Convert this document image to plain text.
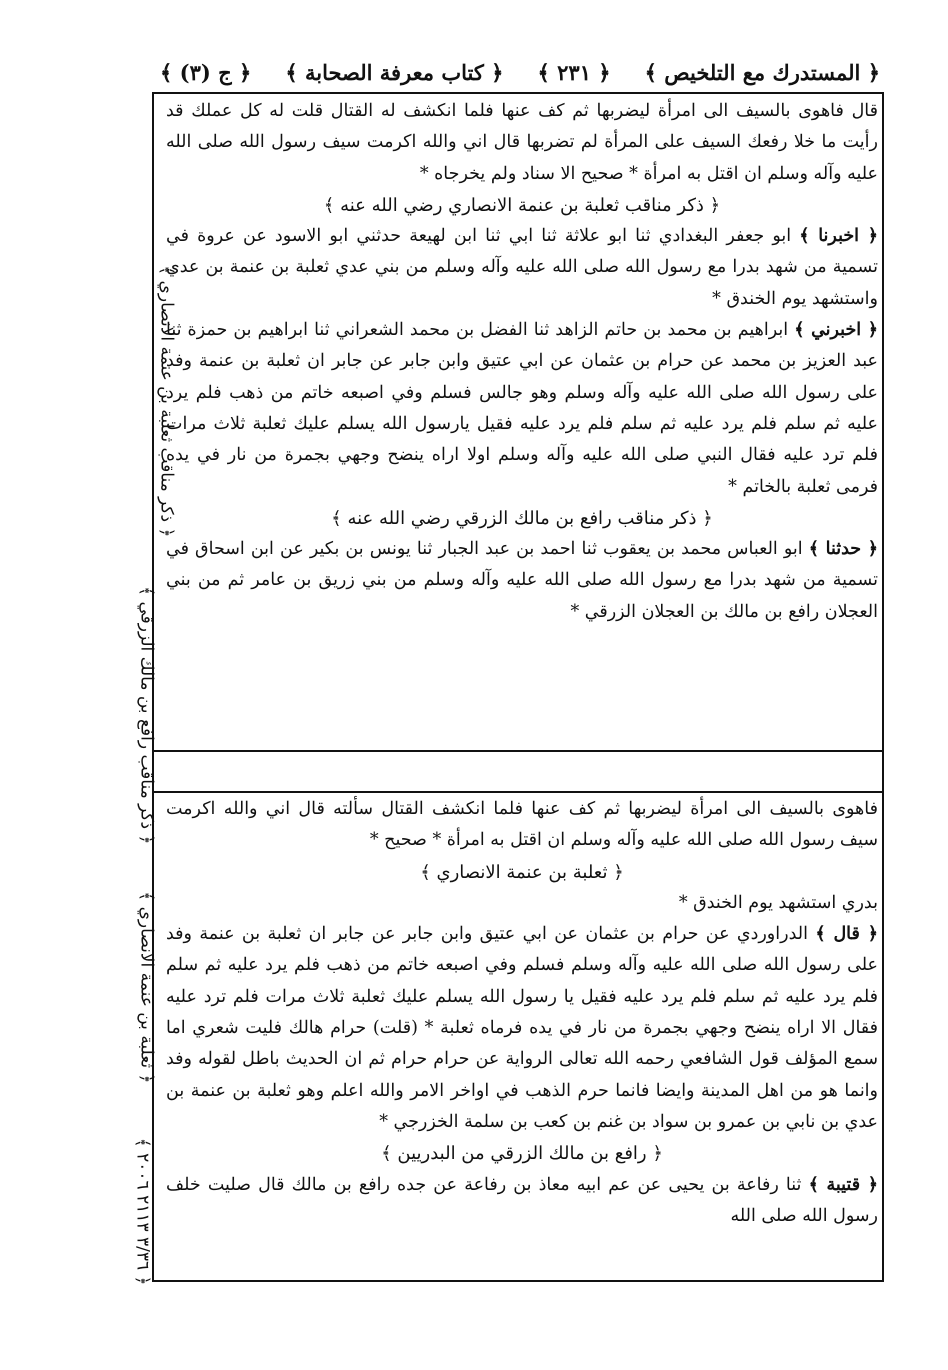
﴿ المستدرك مع التلخيص ﴾
﴿ ٢٣١ ﴾
﴿ كتاب معرفة الصحابة ﴾
﴿ ج (٣) ﴾

قال فاهوى بالسيف الى امرأة ليضربها ثم كف عنها فلما انكشف له القتال قلت له كل عملك قد رأيت ما خلا رفعك السيف على المرأة لم تضربها قال اني والله اكرمت سيف رسول الله صلى الله عليه وآله وسلم ان اقتل به امرأة * صحيح الا سناد ولم يخرجاه *

﴿ ذكر مناقب ثعلبة بن عنمة الانصاري رضي الله عنه ﴾

﴿ اخبرنا ﴾ ابو جعفر البغدادي ثنا ابو علاثة ثنا ابي ثنا ابن لهيعة حدثني ابو الاسود عن عروة في تسمية من شهد بدرا مع رسول الله صلى الله عليه وآله وسلم من بني عدي ثعلبة بن عنمة بن عدي واستشهد يوم الخندق *

﴿ اخبرني ﴾ ابراهيم بن محمد بن حاتم الزاهد ثنا الفضل بن محمد الشعراني ثنا ابراهيم بن حمزة ثنا عبد العزيز بن محمد عن حرام بن عثمان عن ابي عتيق وابن جابر عن جابر ان ثعلبة بن عنمة وفد على رسول الله صلى الله عليه وآله وسلم وهو جالس فسلم وفي اصبعه خاتم من ذهب فلم يرد عليه ثم سلم فلم يرد عليه ثم سلم فلم يرد عليه فقيل يارسول الله يسلم عليك ثعلبة ثلاث مرات فلم ترد عليه فقال النبي صلى الله عليه وآله وسلم اولا اراه ينضح وجهي بجمرة من نار في يده فرمى ثعلبة بالخاتم *

﴿ ذكر مناقب رافع بن مالك الزرقي رضي الله عنه ﴾

﴿ حدثنا ﴾ ابو العباس محمد بن يعقوب ثنا احمد بن عبد الجبار ثنا يونس بن بكير عن ابن اسحاق في تسمية من شهد بدرا مع رسول الله صلى الله عليه وآله وسلم من بني زريق بن عامر ثم من بني العجلان رافع بن مالك بن العجلان الزرقي *

فاهوى بالسيف الى امرأة ليضربها ثم كف عنها فلما انكشف القتال سألته قال اني والله اكرمت سيف رسول الله صلى الله عليه وآله وسلم ان اقتل به امرأة * صحيح *

﴿ ثعلبة بن عنمة الانصاري ﴾

بدري استشهد يوم الخندق *

﴿ قال ﴾ الدراوردي عن حرام بن عثمان عن ابي عتيق وابن جابر عن جابر ان ثعلبة بن عنمة وفد على رسول الله صلى الله عليه وآله وسلم فسلم وفي اصبعه خاتم من ذهب فلم يرد عليه ثم سلم فلم يرد عليه ثم سلم فلم يرد عليه فقيل يا رسول الله يسلم عليك ثعلبة ثلاث مرات فلم ترد عليه فقال الا اراه ينضح وجهي بجمرة من نار في يده فرماه ثعلبة * (قلت) حرام هالك فليت شعري اما سمع المؤلف قول الشافعي رحمه الله تعالى الرواية عن حرام حرام ثم ان الحديث باطل لقوله وفد وانما هو من اهل المدينة وايضا فانما حرم الذهب في اواخر الامر والله اعلم وهو ثعلبة بن عنمة بن عدي بن نابي بن عمرو بن سواد بن غنم بن كعب بن سلمة الخزرجي *

﴿ رافع بن مالك الزرقي من البدريين ﴾

﴿ قتيبة ﴾ ثنا رفاعة بن يحيى عن عم ابيه معاذ بن رفاعة عن جده رافع بن مالك قال صليت خلف رسول الله صلى الله

﴿ ذكر مناقب ثعلبة بن عنمة الانصاري ﴾
﴿ ذكر مناقب رافع بن مالك الزرقي ﴾
﴿ ثعلبة بن عنمة الانصاري ﴾
﴿ ٣/٣٦ ٢١١٣ ٢٠٠٦ ﴾
